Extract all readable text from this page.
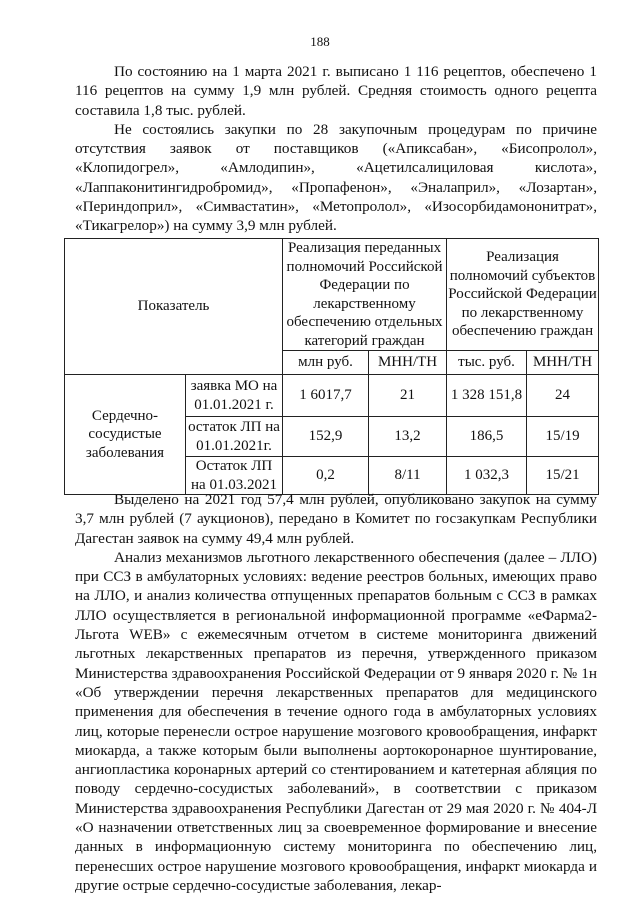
188

По состоянию на 1 марта 2021 г. выписано 1 116 рецептов, обеспечено 1 116 рецептов на сумму 1,9 млн рублей. Средняя стоимость одного рецепта составила 1,8 тыс. рублей.

Не состоялись закупки по 28 закупочным процедурам по причине отсутствия заявок от поставщиков («Апиксабан», «Бисопролол», «Клопидогрел», «Амлодипин», «Ацетилсалициловая кислота», «Лаппаконитингидробромид», «Пропафенон», «Эналаприл», «Лозартан», «Периндоприл», «Симвастатин», «Метопролол», «Изосорбидамононитрат», «Тикагрелор») на сумму 3,9 млн рублей.

Показатель		Реализация переданных полномочий Российской Федерации по лекарственному обеспечению отдельных категорий граждан		Реализация полномочий субъектов Российской Федерации по лекарственному обеспечению граждан	
		млн руб.	МНН/ТН	тыс. руб.	МНН/ТН
Сердечно-сосудистые заболевания	заявка МО на 01.01.2021 г.	1 6017,7	21	1 328 151,8	24
	остаток ЛП на 01.01.2021г.	152,9	13,2	186,5	15/19
	Остаток ЛП на 01.03.2021	0,2	8/11	1 032,3	15/21

Выделено на 2021 год 57,4 млн рублей, опубликовано закупок на сумму 3,7 млн рублей (7 аукционов), передано в Комитет по госзакупкам Республики Дагестан заявок на сумму 49,4 млн рублей.

Анализ механизмов льготного лекарственного обеспечения (далее – ЛЛО) при ССЗ в амбулаторных условиях: ведение реестров больных, имеющих право на ЛЛО, и анализ количества отпущенных препаратов больным с ССЗ в рамках ЛЛО осуществляется в региональной информационной программе «еФарма2-Льгота WEB» с ежемесячным отчетом в системе мониторинга движений льготных лекарственных препаратов из перечня, утвержденного приказом Министерства здравоохранения Российской Федерации от 9 января 2020 г. № 1н «Об утверждении перечня лекарственных препаратов для медицинского применения для обеспечения в течение одного года в амбулаторных условиях лиц, которые перенесли острое нарушение мозгового кровообращения, инфаркт миокарда, а также которым были выполнены аортокоронарное шунтирование, ангиопластика коронарных артерий со стентированием и катетерная абляция по поводу сердечно-сосудистых заболеваний», в соответствии с приказом Министерства здравоохранения Республики Дагестан от 29 мая 2020 г. № 404-Л «О назначении ответственных лиц за своевременное формирование и внесение данных в информационную систему мониторинга по обеспечению лиц, перенесших острое нарушение мозгового кровообращения, инфаркт миокарда и другие острые сердечно-сосудистые заболевания, лекар-
